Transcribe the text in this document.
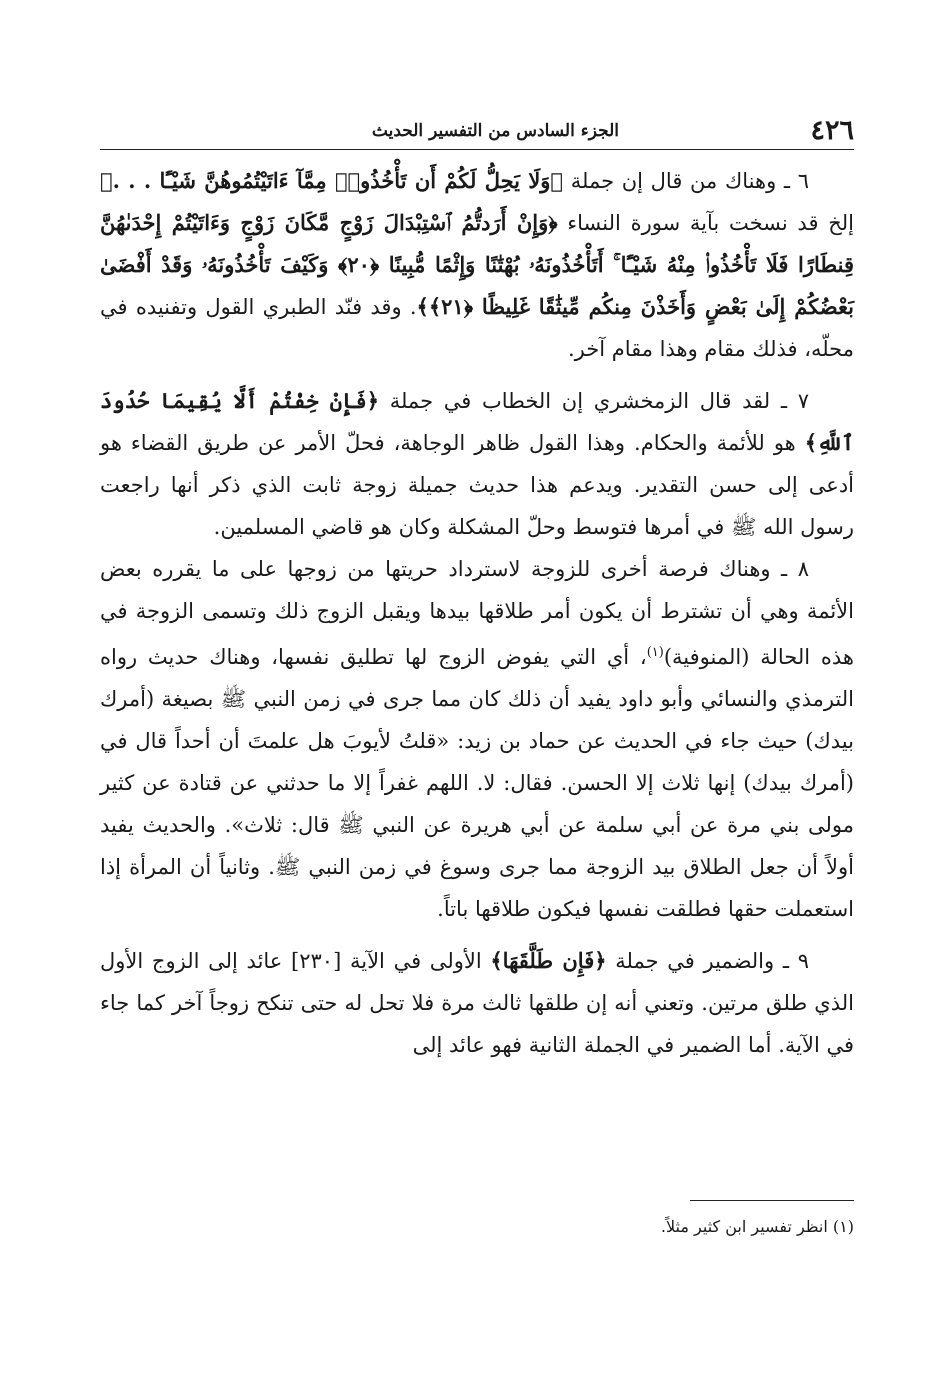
٤٢٦
الجزء السادس من التفسير الحديث

٦ ـ وهناك من قال إن جملة ﴿وَلَا يَحِلُّ لَكُمْ أَن تَأْخُذُوا۟ مِمَّآ ءَاتَيْتُمُوهُنَّ شَيْـًٔا . . .﴾ إلخ قد نسخت بآية سورة النساء ﴿وَإِنْ أَرَدتُّمُ ٱسْتِبْدَالَ زَوْجٍ مَّكَانَ زَوْجٍ وَءَاتَيْتُمْ إِحْدَىٰهُنَّ قِنطَارًا فَلَا تَأْخُذُوا۟ مِنْهُ شَيْـًٔا ۚ أَتَأْخُذُونَهُۥ بُهْتَٰنًا وَإِثْمًا مُّبِينًا ﴿٢٠﴾ وَكَيْفَ تَأْخُذُونَهُۥ وَقَدْ أَفْضَىٰ بَعْضُكُمْ إِلَىٰ بَعْضٍ وَأَخَذْنَ مِنكُم مِّيثَٰقًا غَلِيظًا ﴿٢١﴾﴾. وقد فنّد الطبري القول وتفنيده في محلّه، فذلك مقام وهذا مقام آخر.

٧ ـ لقد قال الزمخشري إن الخطاب في جملة ﴿فَإِنْ خِفْتُمْ أَلَّا يُقِيمَا حُدُودَ ٱللَّهِ﴾ هو للأئمة والحكام. وهذا القول ظاهر الوجاهة، فحلّ الأمر عن طريق القضاء هو أدعى إلى حسن التقدير. ويدعم هذا حديث جميلة زوجة ثابت الذي ذكر أنها راجعت رسول الله ﷺ في أمرها فتوسط وحلّ المشكلة وكان هو قاضي المسلمين.

٨ ـ وهناك فرصة أخرى للزوجة لاسترداد حريتها من زوجها على ما يقرره بعض الأئمة وهي أن تشترط أن يكون أمر طلاقها بيدها ويقبل الزوج ذلك وتسمى الزوجة في هذه الحالة (المنوفية)$^{(١)}$، أي التي يفوض الزوج لها تطليق نفسها، وهناك حديث رواه الترمذي والنسائي وأبو داود يفيد أن ذلك كان مما جرى في زمن النبي ﷺ بصيغة (أمرك بيدك) حيث جاء في الحديث عن حماد بن زيد: «قلتُ لأيوبَ هل علمتَ أن أحداً قال في (أمرك بيدك) إنها ثلاث إلا الحسن. فقال: لا. اللهم غفراً إلا ما حدثني عن قتادة عن كثير مولى بني مرة عن أبي سلمة عن أبي هريرة عن النبي ﷺ قال: ثلاث». والحديث يفيد أولاً أن جعل الطلاق بيد الزوجة مما جرى وسوغ في زمن النبي ﷺ. وثانياً أن المرأة إذا استعملت حقها فطلقت نفسها فيكون طلاقها باتاً.

٩ ـ والضمير في جملة ﴿فَإِن طَلَّقَهَا﴾ الأولى في الآية [٢٣٠] عائد إلى الزوج الأول الذي طلق مرتين. وتعني أنه إن طلقها ثالث مرة فلا تحل له حتى تنكح زوجاً آخر كما جاء في الآية. أما الضمير في الجملة الثانية فهو عائد إلى

(١) انظر تفسير ابن كثير مثلاً.
